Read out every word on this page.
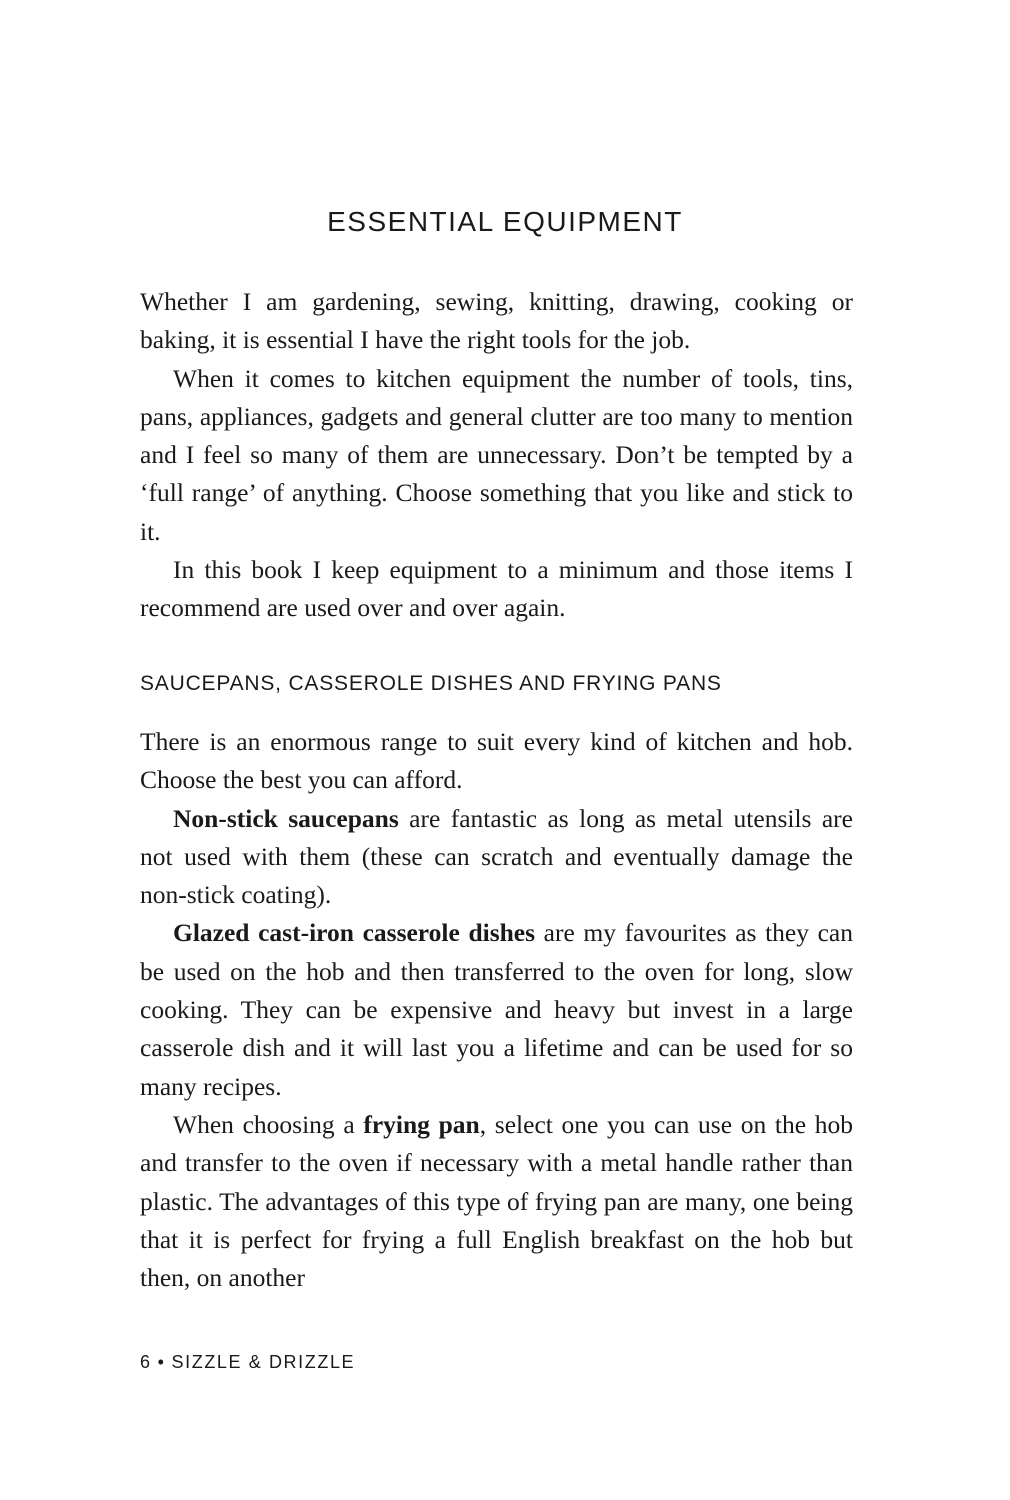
ESSENTIAL EQUIPMENT

Whether I am gardening, sewing, knitting, drawing, cooking or baking, it is essential I have the right tools for the job.

When it comes to kitchen equipment the number of tools, tins, pans, appliances, gadgets and general clutter are too many to mention and I feel so many of them are unnecessary. Don’t be tempted by a ‘full range’ of anything. Choose something that you like and stick to it.

In this book I keep equipment to a minimum and those items I recommend are used over and over again.

SAUCEPANS, CASSEROLE DISHES AND FRYING PANS

There is an enormous range to suit every kind of kitchen and hob. Choose the best you can afford.

Non-stick saucepans are fantastic as long as metal utensils are not used with them (these can scratch and eventually damage the non-stick coating).

Glazed cast-iron casserole dishes are my favourites as they can be used on the hob and then transferred to the oven for long, slow cooking. They can be expensive and heavy but invest in a large casserole dish and it will last you a lifetime and can be used for so many recipes.

When choosing a frying pan, select one you can use on the hob and transfer to the oven if necessary with a metal handle rather than plastic. The advantages of this type of frying pan are many, one being that it is perfect for frying a full English breakfast on the hob but then, on another

6 • SIZZLE & DRIZZLE
